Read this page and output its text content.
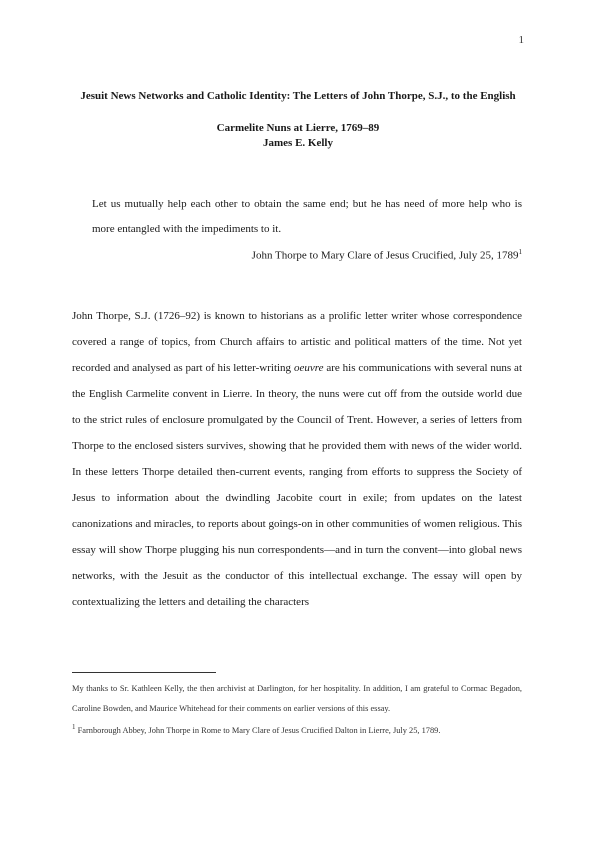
1
Jesuit News Networks and Catholic Identity: The Letters of John Thorpe, S.J., to the English Carmelite Nuns at Lierre, 1769–89
James E. Kelly

Let us mutually help each other to obtain the same end; but he has need of more help who is more entangled with the impediments to it.

John Thorpe to Mary Clare of Jesus Crucified, July 25, 1789$^1$

John Thorpe, S.J. (1726–92) is known to historians as a prolific letter writer whose correspondence covered a range of topics, from Church affairs to artistic and political matters of the time. Not yet recorded and analysed as part of his letter-writing oeuvre are his communications with several nuns at the English Carmelite convent in Lierre. In theory, the nuns were cut off from the outside world due to the strict rules of enclosure promulgated by the Council of Trent. However, a series of letters from Thorpe to the enclosed sisters survives, showing that he provided them with news of the wider world. In these letters Thorpe detailed then-current events, ranging from efforts to suppress the Society of Jesus to information about the dwindling Jacobite court in exile; from updates on the latest canonizations and miracles, to reports about goings-on in other communities of women religious. This essay will show Thorpe plugging his nun correspondents—and in turn the convent—into global news networks, with the Jesuit as the conductor of this intellectual exchange. The essay will open by contextualizing the letters and detailing the characters

My thanks to Sr. Kathleen Kelly, the then archivist at Darlington, for her hospitality. In addition, I am grateful to Cormac Begadon, Caroline Bowden, and Maurice Whitehead for their comments on earlier versions of this essay.

$^1$ Farnborough Abbey, John Thorpe in Rome to Mary Clare of Jesus Crucified Dalton in Lierre, July 25, 1789.
